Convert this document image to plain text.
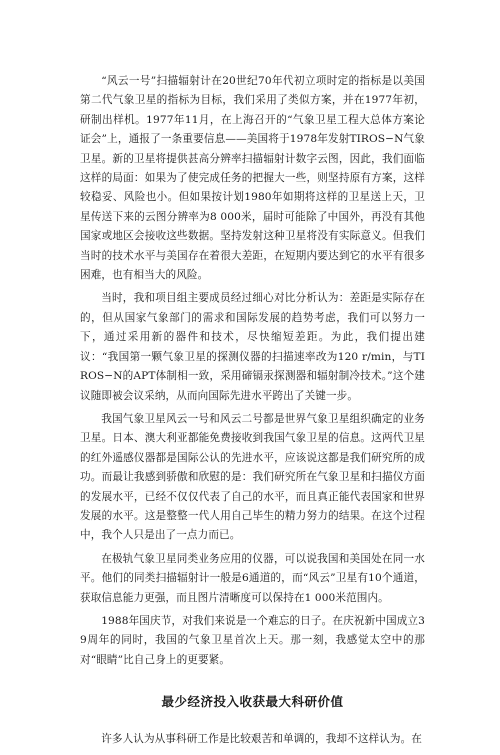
“风云一号”扫描辐射计在20世纪70年代初立项时定的指标是以美国第二代气象卫星的指标为目标，我们采用了类似方案，并在1977年初，研制出样机。1977年11月，在上海召开的“气象卫星工程大总体方案论证会”上，通报了一条重要信息——美国将于1978年发射TIROS−N气象卫星。新的卫星将提供甚高分辨率扫描辐射计数字云图，因此，我们面临这样的局面：如果为了使完成任务的把握大一些，则坚持原有方案，这样较稳妥、风险也小。但如果按计划1980年如期将这样的卫星送上天，卫星传送下来的云图分辨率为8 000米，届时可能除了中国外，再没有其他国家或地区会接收这些数据。坚持发射这种卫星将没有实际意义。但我们当时的技术水平与美国存在着很大差距，在短期内要达到它的水平有很多困难，也有相当大的风险。

当时，我和项目组主要成员经过细心对比分析认为：差距是实际存在的，但从国家气象部门的需求和国际发展的趋势考虑，我们可以努力一下，通过采用新的器件和技术，尽快缩短差距。为此，我们提出建议：“我国第一颗气象卫星的探测仪器的扫描速率改为120 r/min，与TIROS−N的APT体制相一致，采用碲镉汞探测器和辐射制冷技术。”这个建议随即被会议采纳，从而向国际先进水平跨出了关键一步。

我国气象卫星风云一号和风云二号都是世界气象卫星组织确定的业务卫星。日本、澳大利亚都能免费接收到我国气象卫星的信息。这两代卫星的红外遥感仪器都是国际公认的先进水平，应该说这都是我们研究所的成功。而最让我感到骄傲和欣慰的是：我们研究所在气象卫星和扫描仪方面的发展水平，已经不仅仅代表了自己的水平，而且真正能代表国家和世界发展的水平。这是整整一代人用自己毕生的精力努力的结果。在这个过程中，我个人只是出了一点力而已。

在极轨气象卫星同类业务应用的仪器，可以说我国和美国处在同一水平。他们的同类扫描辐射计一般是6通道的，而“风云”卫星有10个通道，获取信息能力更强，而且图片清晰度可以保持在1 000米范围内。

1988年国庆节，对我们来说是一个难忘的日子。在庆祝新中国成立39周年的同时，我国的气象卫星首次上天。那一刻，我感觉太空中的那对“眼睛”比自己身上的更要紧。

最少经济投入收获最大科研价值

许多人认为从事科研工作是比较艰苦和单调的，我却不这样认为。在
